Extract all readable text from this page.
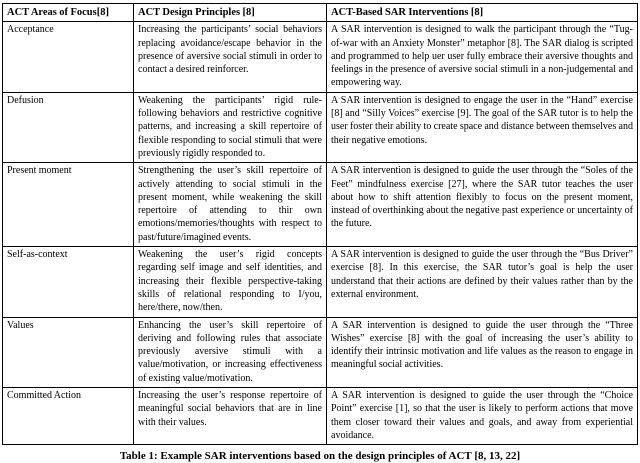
ACT Areas of Focus[8]	ACT Design Principles [8]	ACT-Based SAR Interventions [8]
Acceptance	Increasing the participants’ social behaviors replacing avoidance/escape behavior in the presence of aversive social stimuli in order to contact a desired reinforcer.	A SAR intervention is designed to walk the participant through the “Tug-of-war with an Anxiety Monster” metaphor [8]. The SAR dialog is scripted and programmed to help uer user fully embrace their aversive thoughts and feelings in the presence of aversive social stimuli in a non-judgemental and empowering way.
Defusion	Weakening the participants’ rigid rule-following behaviors and restrictive cognitive patterns, and increasing a skill repertoire of flexible responding to social stimuli that were previously rigidly responded to.	A SAR intervention is designed to engage the user in the “Hand” exercise [8] and “Silly Voices” exercise [9]. The goal of the SAR tutor is to help the user foster their ability to create space and distance between themselves and their negative emotions.
Present moment	Strengthening the user’s skill repertoire of actively attending to social stimuli in the present moment, while weakening the skill repertoire of attending to thir own emotions/memories/thoughts with respect to past/future/imagined events.	A SAR intervention is designed to guide the user through the “Soles of the Feet” mindfulness exercise [27], where the SAR tutor teaches the user about how to shift attention flexibly to focus on the present moment, instead of overthinking about the negative past experience or uncertainty of the future.
Self-as-context	Weakening the user’s rigid concepts regarding self image and self identities, and increasing their flexible perspective-taking skills of relational responding to I/you, here/there, now/then.	A SAR intervention is designed to guide the user through the “Bus Driver” exercise [8]. In this exercise, the SAR tutor’s goal is help the user understand that their actions are defined by their values rather than by the external environment.
Values	Enhancing the user’s skill repertoire of deriving and following rules that associate previously aversive stimuli with a value/motivation, or increasing effectiveness of existing value/motivation.	A SAR intervention is designed to guide the user through the “Three Wishes” exercise [8] with the goal of increasing the user’s ability to identify their intrinsic motivation and life values as the reason to engage in meaningful social activities.
Committed Action	Increasing the user’s response repertoire of meaningful social behaviors that are in line with their values.	A SAR intervention is designed to guide the user through the “Choice Point” exercise [1], so that the user is likely to perform actions that move them closer toward their values and goals, and away from experiential avoidance.
Table 1: Example SAR interventions based on the design principles of ACT [8, 13, 22]
